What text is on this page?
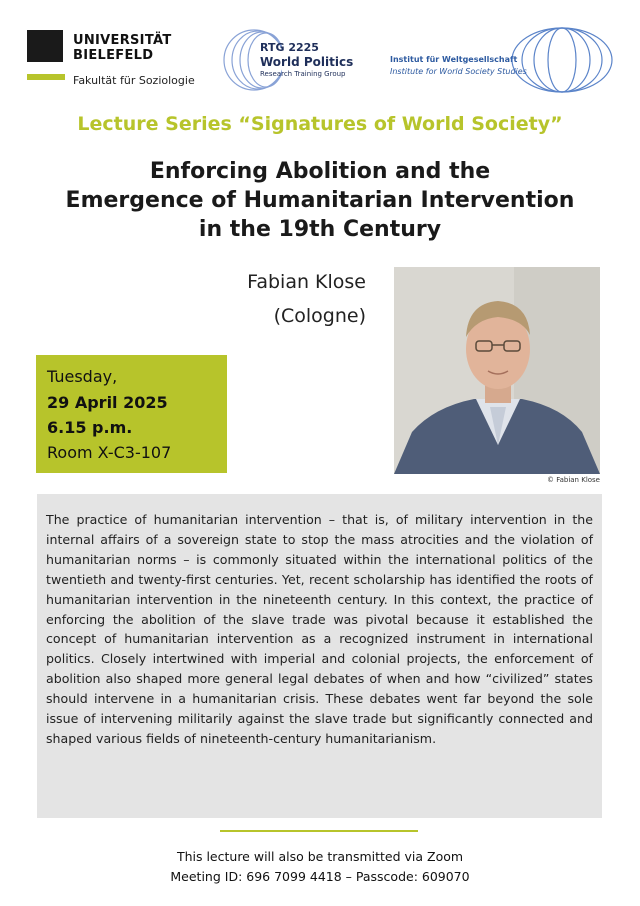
UNIVERSITÄT
BIELEFELD
Fakultät für Soziologie
RTG 2225
World Politics
Research Training Group
Institut für Weltgesellschaft
Institute for World Society Studies
Lecture Series “Signatures of World Society”
Enforcing Abolition and the
Emergence of Humanitarian Intervention
in the 19th Century
Fabian Klose
(Cologne)
© Fabian Klose
Tuesday,
29 April 2025
6.15 p.m.
Room X-C3-107
The practice of humanitarian intervention – that is, of military intervention in the internal affairs of a sovereign state to stop the mass atrocities and the violation of humanitarian norms – is commonly situated within the international politics of the twentieth and twenty-first centuries. Yet, recent scholarship has identified the roots of humanitarian intervention in the nineteenth century. In this context, the practice of enforcing the abolition of the slave trade was pivotal because it established the concept of humanitarian intervention as a recognized instrument in international politics. Closely intertwined with imperial and colonial projects, the enforcement of abolition also shaped more general legal debates of when and how “civilized” states should intervene in a humanitarian crisis. These debates went far beyond the sole issue of intervening militarily against the slave trade but significantly connected and shaped various fields of nineteenth-century humanitarianism.
This lecture will also be transmitted via Zoom
Meeting ID: 696 7099 4418 – Passcode: 609070
